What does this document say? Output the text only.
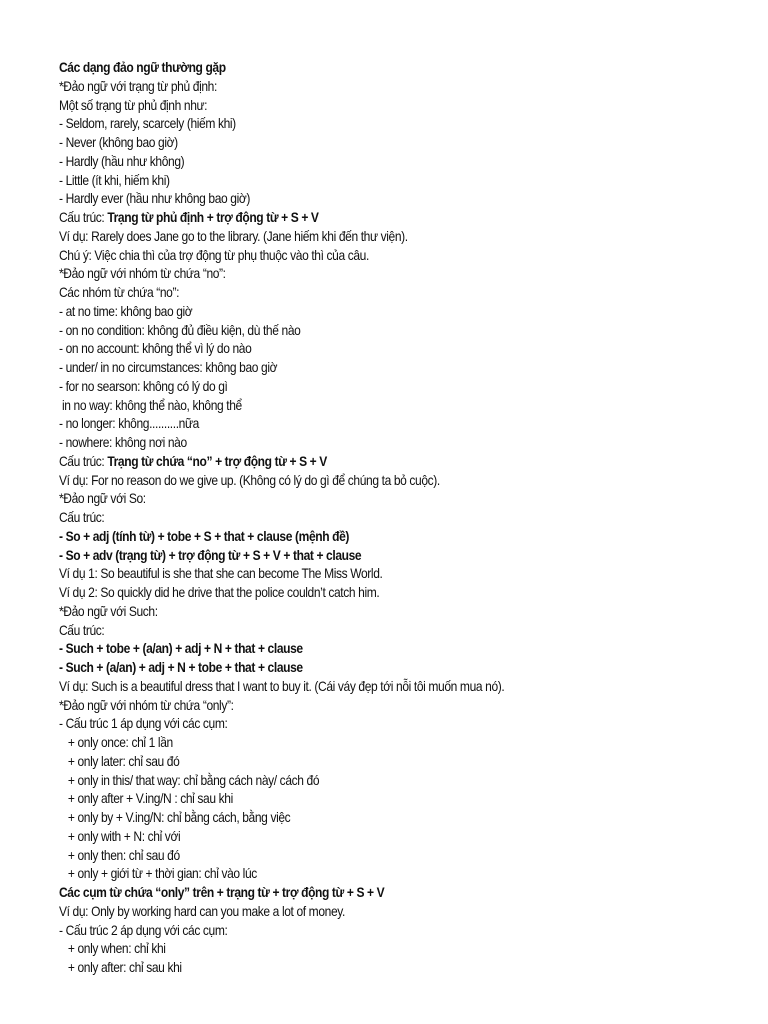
Các dạng đảo ngữ thường gặp
*Đảo ngữ với trạng từ phủ định:
Một số trạng từ phủ định như:
- Seldom, rarely, scarcely (hiếm khi)
- Never (không bao giờ)
- Hardly (hầu như không)
- Little (ít khi, hiếm khi)
- Hardly ever (hầu như không bao giờ)
Cấu trúc: Trạng từ phủ định + trợ động từ + S + V
Ví dụ: Rarely does Jane go to the library. (Jane hiếm khi đến thư viện).
Chú ý: Việc chia thì của trợ động từ phụ thuộc vào thì của câu.
*Đảo ngữ với nhóm từ chứa “no”:
Các nhóm từ chứa “no”:
- at no time: không bao giờ
- on no condition: không đủ điều kiện, dù thế nào
- on no account: không thể vì lý do nào
- under/ in no circumstances: không bao giờ
- for no searson: không có lý do gì
in no way: không thể nào, không thể
- no longer: không..........nữa
- nowhere: không nơi nào
Cấu trúc: Trạng từ chứa “no” + trợ động từ + S + V
Ví dụ: For no reason do we give up. (Không có lý do gì để chúng ta bỏ cuộc).
*Đảo ngữ với So:
Cấu trúc:
- So + adj (tính từ) + tobe + S + that + clause (mệnh đề)
- So + adv (trạng từ) + trợ động từ + S + V + that + clause
Ví dụ 1: So beautiful is she that she can become The Miss World.
Ví dụ 2: So quickly did he drive that the police couldn’t catch him.
*Đảo ngữ với Such:
Cấu trúc:
- Such + tobe + (a/an) + adj + N + that + clause
- Such + (a/an) + adj + N + tobe + that + clause
Ví dụ: Such is a beautiful dress that I want to buy it. (Cái váy đẹp tới nỗi tôi muốn mua nó).
*Đảo ngữ với nhóm từ chứa “only”:
- Cấu trúc 1 áp dụng với các cụm:
+ only once: chỉ 1 lần
+ only later: chỉ sau đó
+ only in this/ that way: chỉ bằng cách này/ cách đó
+ only after + V.ing/N : chỉ sau khi
+ only by + V.ing/N: chỉ bằng cách, bằng việc
+ only with + N: chỉ với
+ only then: chỉ sau đó
+ only + giới từ + thời gian: chỉ vào lúc
Các cụm từ chứa “only” trên + trạng từ + trợ động từ + S + V
Ví dụ: Only by working hard can you make a lot of money.
- Cấu trúc 2 áp dụng với các cụm:
+ only when: chỉ khi
+ only after: chỉ sau khi
